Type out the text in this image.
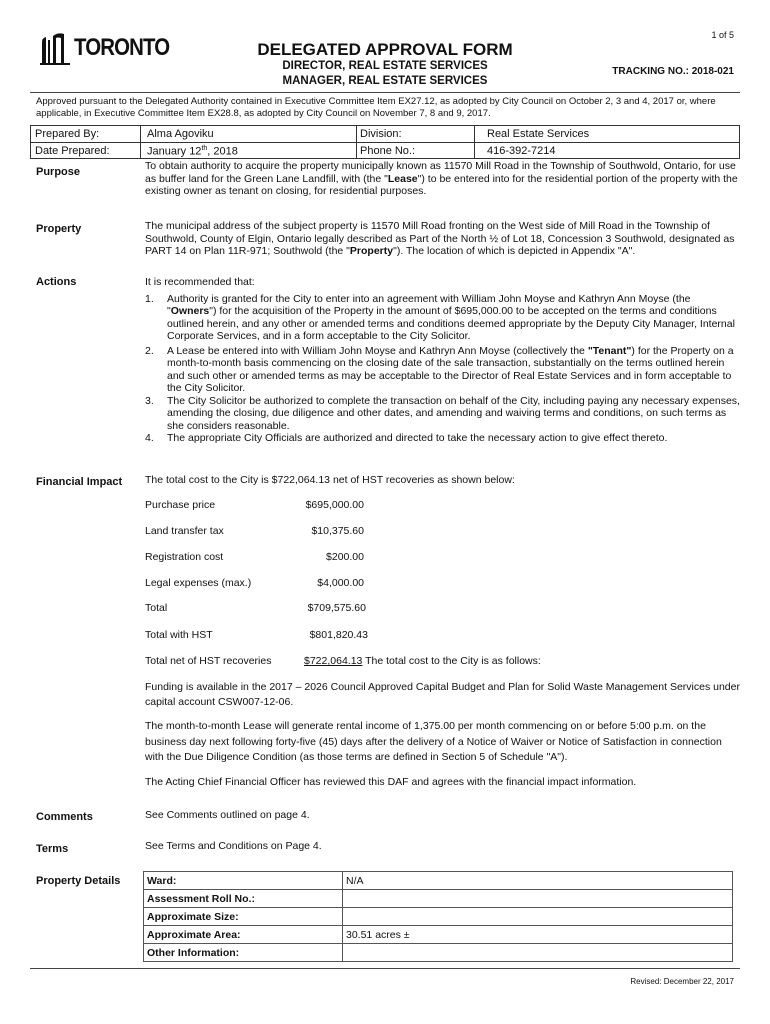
1 of 5
TORONTO	DELEGATED APPROVAL FORM
DIRECTOR, REAL ESTATE SERVICES
MANAGER, REAL ESTATE SERVICES
TRACKING NO.: 2018-021
Approved pursuant to the Delegated Authority contained in Executive Committee Item EX27.12, as adopted by City Council on October 2, 3 and 4, 2017 or, where applicable, in Executive Committee Item EX28.8, as adopted by City Council on November 7, 8 and 9, 2017.
Prepared By:	Alma Agoviku	Division:	Real Estate Services
Date Prepared:	January 12th, 2018	Phone No.:	416-392-7214
Purpose	To obtain authority to acquire the property municipally known as 11570 Mill Road in the Township of Southwold, Ontario, for use as buffer land for the Green Lane Landfill, with (the "Lease") to be entered into for the residential portion of the property with the existing owner as tenant on closing, for residential purposes.
Property	The municipal address of the subject property is 11570 Mill Road fronting on the West side of Mill Road in the Township of Southwold, County of Elgin, Ontario legally described as Part of the North ½ of Lot 18, Concession 3 Southwold, designated as PART 14 on Plan 11R-971; Southwold (the "Property"). The location of which is depicted in Appendix "A".
Actions	It is recommended that:
1. Authority is granted for the City to enter into an agreement with William John Moyse and Kathryn Ann Moyse (the "Owners") for the acquisition of the Property in the amount of $695,000.00 to be accepted on the terms and conditions outlined herein, and any other or amended terms and conditions deemed appropriate by the Deputy City Manager, Internal Corporate Services, and in a form acceptable to the City Solicitor.
2. A Lease be entered into with William John Moyse and Kathryn Ann Moyse (collectively the "Tenant") for the Property on a month-to-month basis commencing on the closing date of the sale transaction, substantially on the terms outlined herein and such other or amended terms as may be acceptable to the Director of Real Estate Services and in form acceptable to the City Solicitor.
3. The City Solicitor be authorized to complete the transaction on behalf of the City, including paying any necessary expenses, amending the closing, due diligence and other dates, and amending and waiving terms and conditions, on such terms as she considers reasonable.
4. The appropriate City Officials are authorized and directed to take the necessary action to give effect thereto.
Financial Impact The total cost to the City is $722,064.13 net of HST recoveries as shown below:
Purchase price	$695,000.00
Land transfer tax	$10,375.60
Registration cost	$200.00
Legal expenses (max.)	$4,000.00
Total	$709,575.60
Total with HST	$801,820.43
Total net of HST recoveries	$722,064.13 The total cost to the City is as follows:
Funding is available in the 2017 – 2026 Council Approved Capital Budget and Plan for Solid Waste Management Services under capital account CSW007-12-06.
The month-to-month Lease will generate rental income of 1,375.00 per month commencing on or before 5:00 p.m. on the business day next following forty-five (45) days after the delivery of a Notice of Waiver or Notice of Satisfaction in connection with the Due Diligence Condition (as those terms are defined in Section 5 of Schedule "A").
The Acting Chief Financial Officer has reviewed this DAF and agrees with the financial impact information.
Comments	See Comments outlined on page 4.
Terms	See Terms and Conditions on Page 4.
Property Details	Ward:	N/A
Assessment Roll No.:	
Approximate Size:	
Approximate Area:	30.51 acres ±
Other Information:	
Revised: December 22, 2017
